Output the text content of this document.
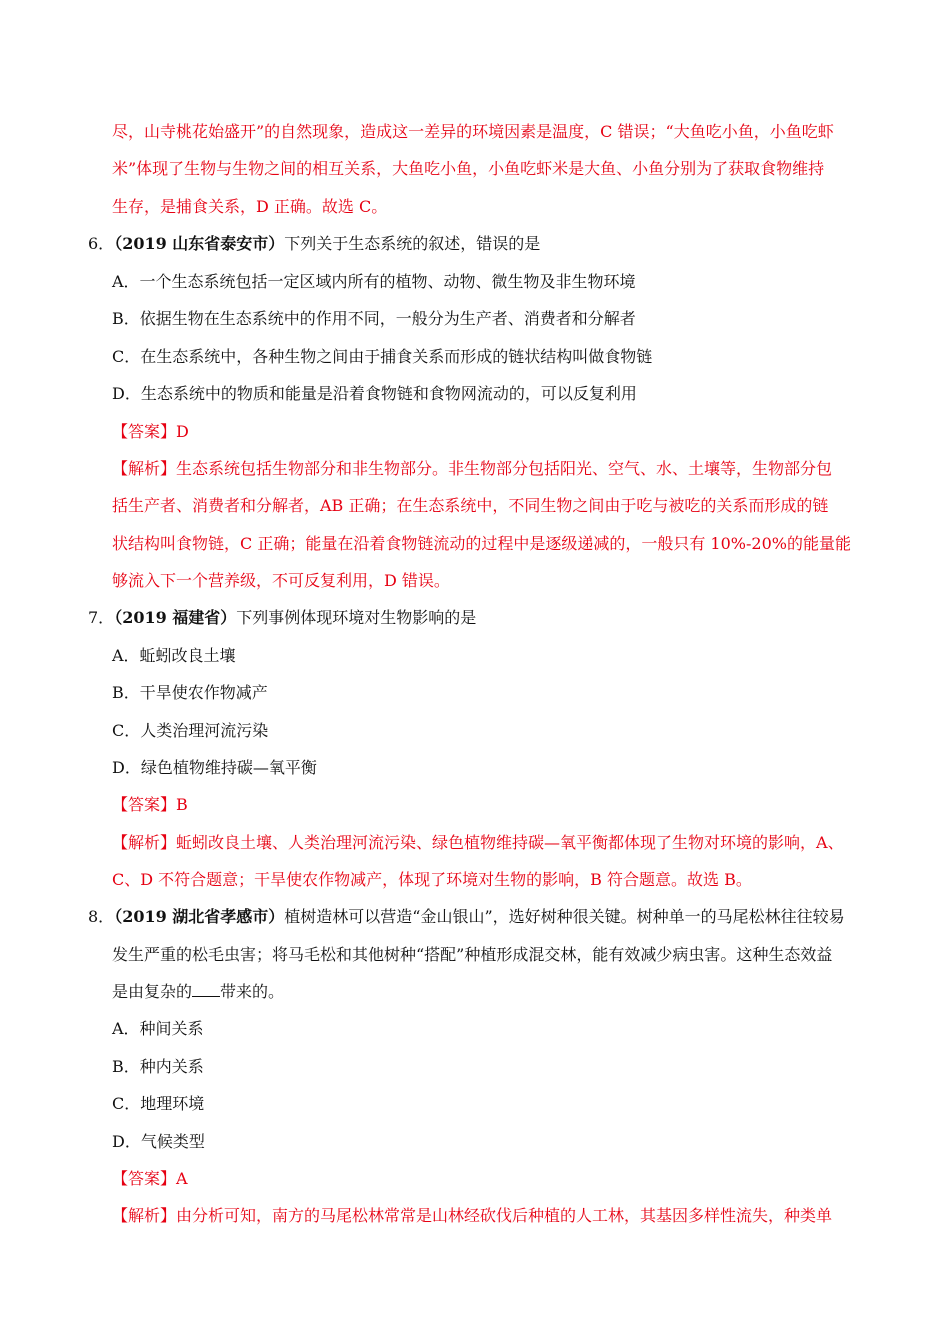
尽，山寺桃花始盛开”的自然现象，造成这一差异的环境因素是温度，C 错误；“大鱼吃小鱼，小鱼吃虾
米”体现了生物与生物之间的相互关系，大鱼吃小鱼，小鱼吃虾米是大鱼、小鱼分别为了获取食物维持
生存，是捕食关系，D 正确。故选 C。
6．（2019 山东省泰安市）下列关于生态系统的叙述，错误的是
A．一个生态系统包括一定区域内所有的植物、动物、微生物及非生物环境
B．依据生物在生态系统中的作用不同，一般分为生产者、消费者和分解者
C．在生态系统中，各种生物之间由于捕食关系而形成的链状结构叫做食物链
D．生态系统中的物质和能量是沿着食物链和食物网流动的，可以反复利用
【答案】D
【解析】生态系统包括生物部分和非生物部分。非生物部分包括阳光、空气、水、土壤等，生物部分包
括生产者、消费者和分解者，AB 正确；在生态系统中，不同生物之间由于吃与被吃的关系而形成的链
状结构叫食物链，C 正确；能量在沿着食物链流动的过程中是逐级递减的，一般只有 10%-20%的能量能
够流入下一个营养级，不可反复利用，D 错误。
7．（2019 福建省）下列事例体现环境对生物影响的是
A．蚯蚓改良土壤
B．干旱使农作物减产
C．人类治理河流污染
D．绿色植物维持碳—氧平衡
【答案】B
【解析】蚯蚓改良土壤、人类治理河流污染、绿色植物维持碳—氧平衡都体现了生物对环境的影响，A、
C、D 不符合题意；干旱使农作物减产，体现了环境对生物的影响，B 符合题意。故选 B。
8．（2019 湖北省孝感市）植树造林可以营造“金山银山”，选好树种很关键。树种单一的马尾松林往往较易
发生严重的松毛虫害；将马毛松和其他树种“搭配”种植形成混交林，能有效减少病虫害。这种生态效益
是由复杂的 带来的。
A．种间关系
B．种内关系
C．地理环境
D．气候类型
【答案】A
【解析】由分析可知，南方的马尾松林常常是山林经砍伐后种植的人工林，其基因多样性流失，种类单
